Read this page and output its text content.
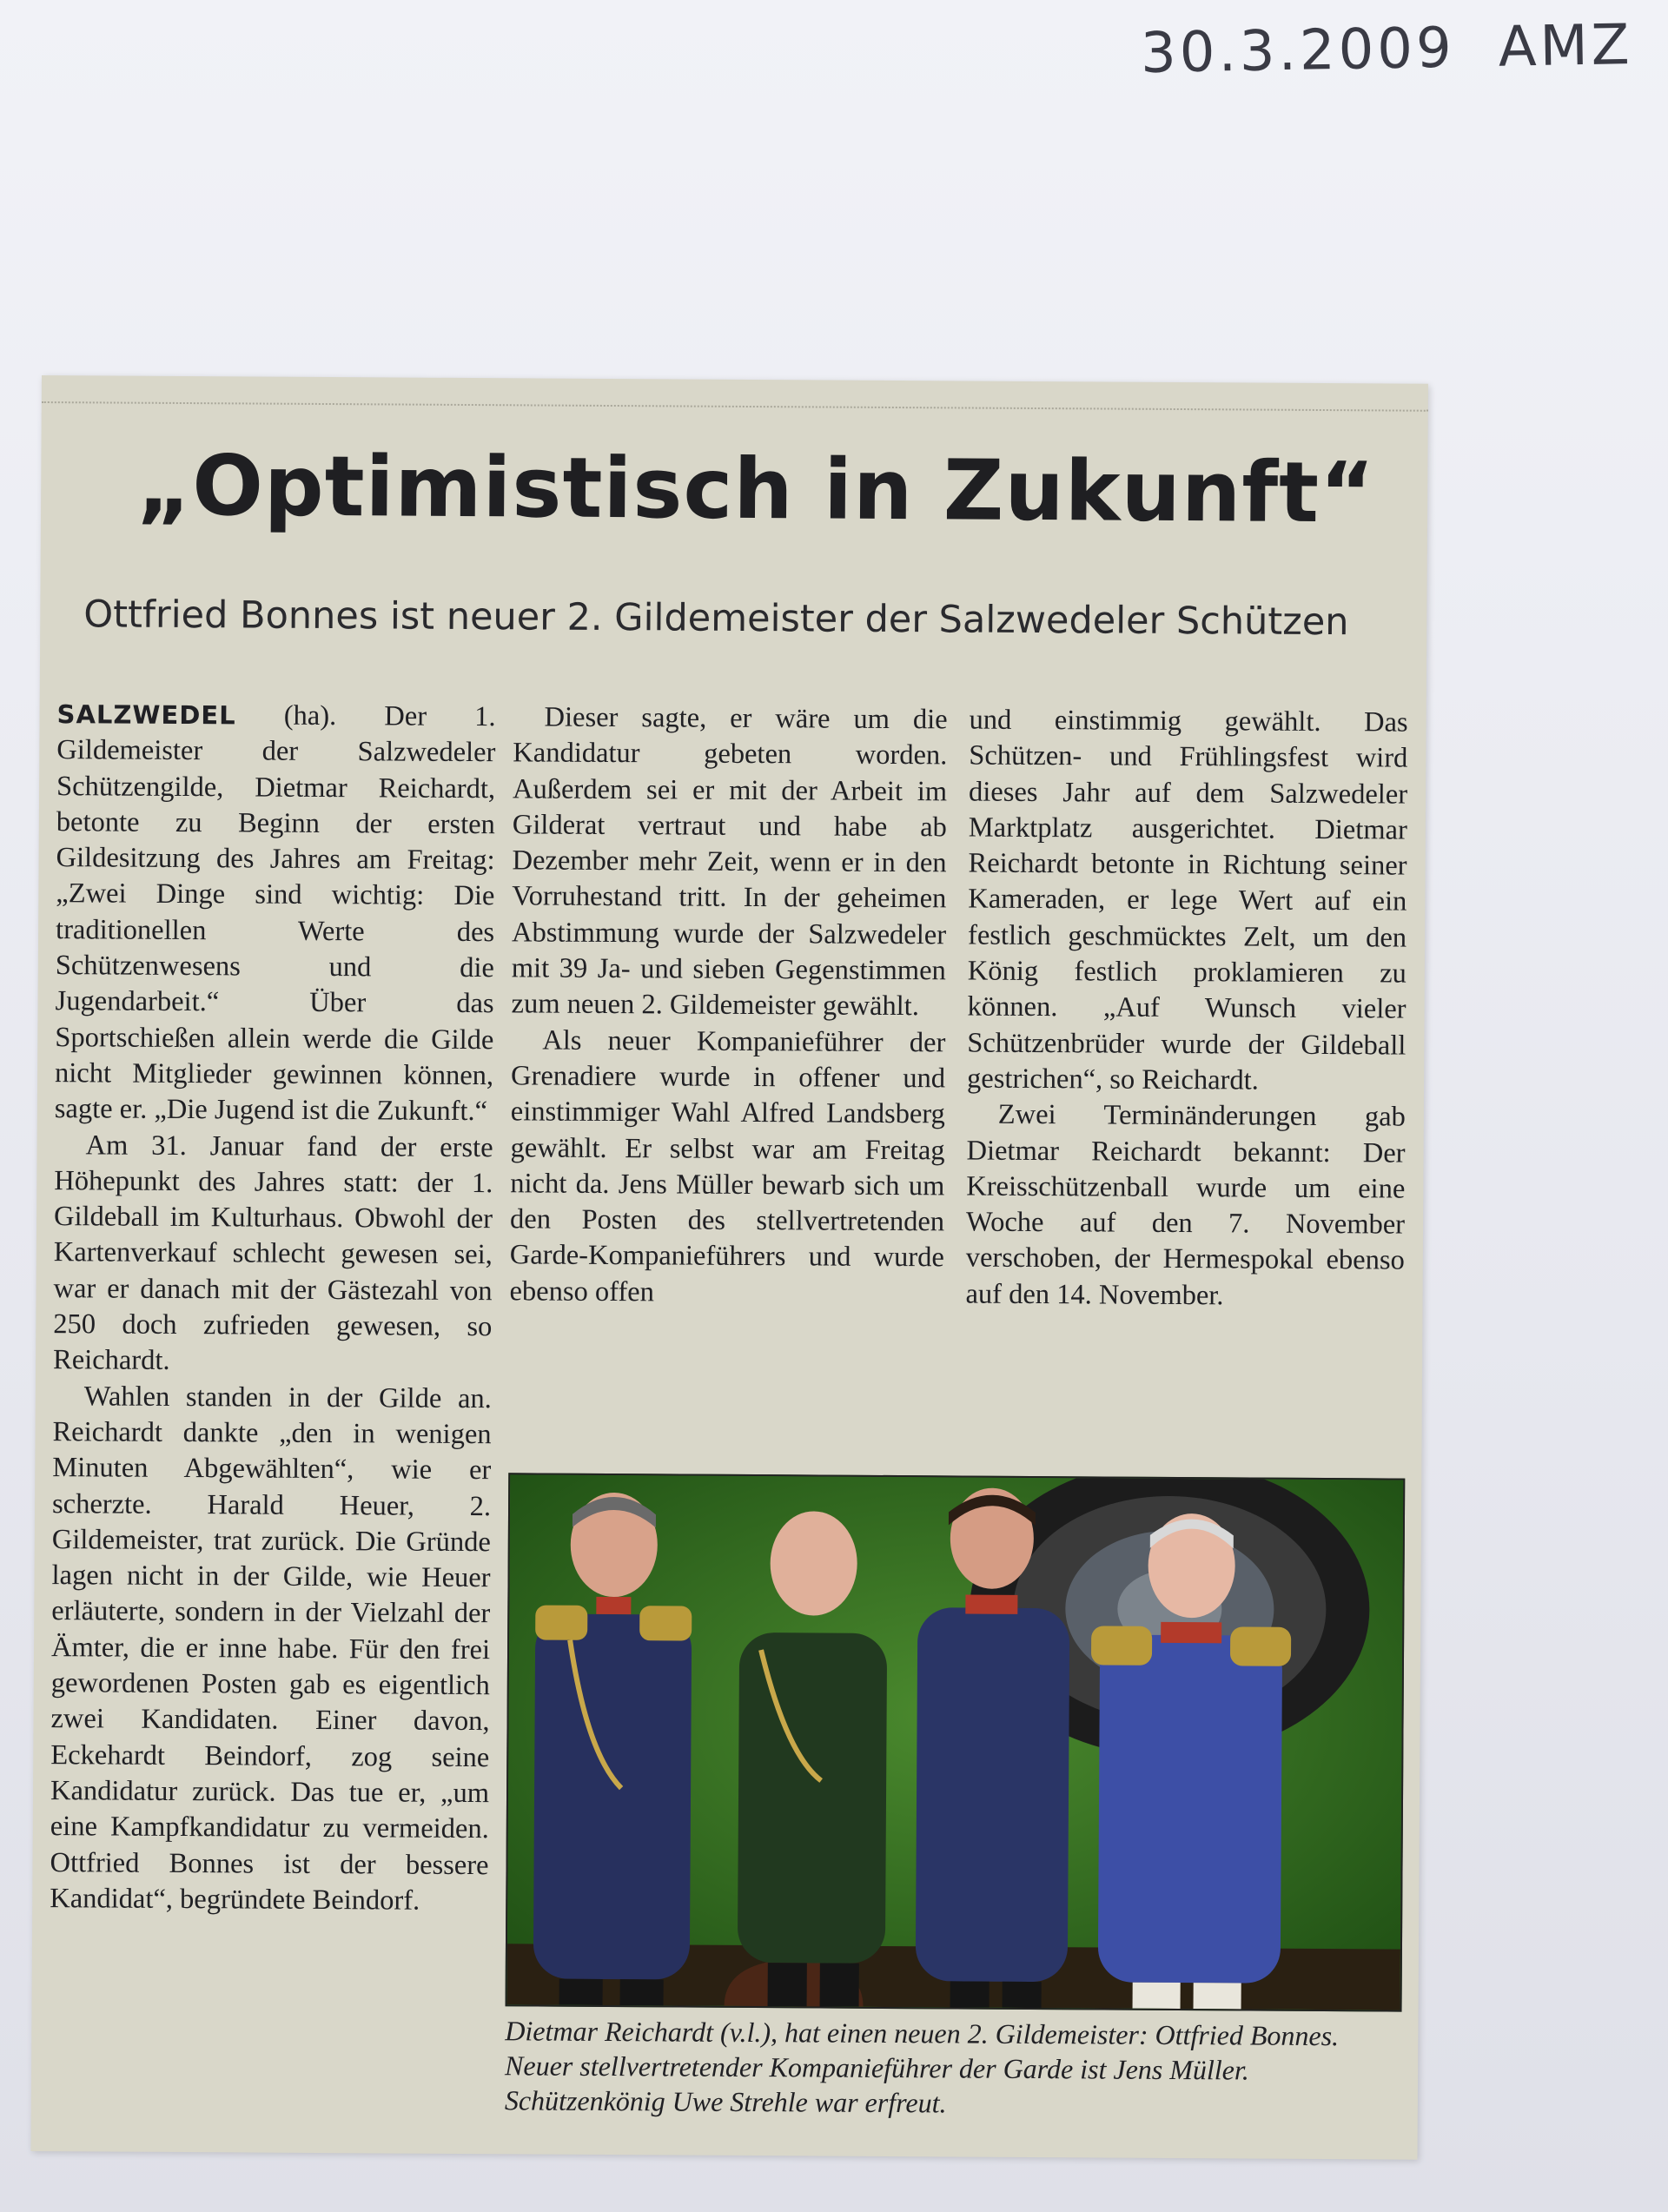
30.3.2009 AMZ
„Optimistisch in Zukunft“
Ottfried Bonnes ist neuer 2. Gildemeister der Salzwedeler Schützen

SALZWEDEL (ha). Der 1. Gildemeister der Salzwedeler Schützengilde, Dietmar Reichardt, betonte zu Beginn der ersten Gildesitzung des Jahres am Freitag: „Zwei Dinge sind wichtig: Die traditionellen Werte des Schützenwesens und die Jugendarbeit.“ Über das Sportschießen allein werde die Gilde nicht Mitglieder gewinnen können, sagte er. „Die Jugend ist die Zukunft.“

Am 31. Januar fand der erste Höhepunkt des Jahres statt: der 1. Gildeball im Kulturhaus. Obwohl der Kartenverkauf schlecht gewesen sei, war er danach mit der Gästezahl von 250 doch zufrieden gewesen, so Reichardt.

Wahlen standen in der Gilde an. Reichardt dankte „den in wenigen Minuten Abgewählten“, wie er scherzte. Harald Heuer, 2. Gildemeister, trat zurück. Die Gründe lagen nicht in der Gilde, wie Heuer erläuterte, sondern in der Vielzahl der Ämter, die er inne habe. Für den frei gewordenen Posten gab es eigentlich zwei Kandidaten. Einer davon, Eckehardt Beindorf, zog seine Kandidatur zurück. Das tue er, „um eine Kampfkandidatur zu vermeiden. Ottfried Bonnes ist der bessere Kandidat“, begründete Beindorf.

Dieser sagte, er wäre um die Kandidatur gebeten worden. Außerdem sei er mit der Arbeit im Gilderat vertraut und habe ab Dezember mehr Zeit, wenn er in den Vorruhestand tritt. In der geheimen Abstimmung wurde der Salzwedeler mit 39 Ja- und sieben Gegenstimmen zum neuen 2. Gildemeister gewählt.

Als neuer Kompanieführer der Grenadiere wurde in offener und einstimmiger Wahl Alfred Landsberg gewählt. Er selbst war am Freitag nicht da. Jens Müller bewarb sich um den Posten des stellvertretenden Garde-Kompanieführers und wurde ebenso offen

und einstimmig gewählt. Das Schützen- und Frühlingsfest wird dieses Jahr auf dem Salzwedeler Marktplatz ausgerichtet. Dietmar Reichardt betonte in Richtung seiner Kameraden, er lege Wert auf ein festlich geschmücktes Zelt, um den König festlich proklamieren zu können. „Auf Wunsch vieler Schützenbrüder wurde der Gildeball gestrichen“, so Reichardt.

Zwei Terminänderungen gab Dietmar Reichardt bekannt: Der Kreisschützenball wurde um eine Woche auf den 7. November verschoben, der Hermespokal ebenso auf den 14. November.

Dietmar Reichardt (v.l.), hat einen neuen 2. Gildemeister: Ottfried Bonnes. Neuer stellvertretender Kompanieführer der Garde ist Jens Müller. Schützenkönig Uwe Strehle war erfreut.
